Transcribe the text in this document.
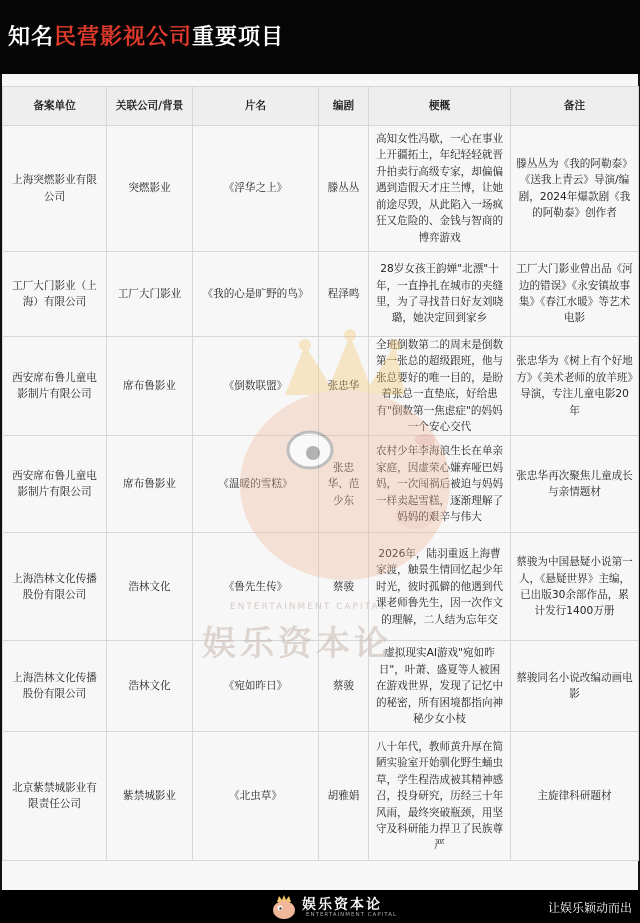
知名民营影视公司重要项目
备案单位	关联公司/背景	片名	编剧	梗概	备注
上海突燃影业有限公司	突燃影业	《浮华之上》	滕丛丛	高知女性冯歇，一心在事业上开疆拓土，年纪轻轻就晋升拍卖行高级专家，却偏偏遇到造假天才庄兰博，让她前途尽毁，从此陷入一场疯狂又危险的、金钱与智商的博弈游戏	滕丛丛为《我的阿勒泰》《送我上青云》导演/编剧，2024年爆款剧《我的阿勒泰》创作者
工厂大门影业（上海）有限公司	工厂大门影业	《我的心是旷野的鸟》	程泽鸣	28岁女孩王韵婵"北漂"十年，一直挣扎在城市的夹缝里，为了寻找昔日好友刘晓璐，她决定回到家乡	工厂大门影业曾出品《河边的错误》《永安镇故事集》《春江水暖》等艺术电影
西安席布鲁儿童电影制片有限公司	席布鲁影业	《倒数联盟》	张忠华	全班倒数第二的周末是倒数第一张总的超级跟班，他与张总要好的唯一目的，是盼着张总一直垫底，好给患有"倒数第一焦虑症"的妈妈一个安心交代	张忠华为《树上有个好地方》《美术老师的放羊班》导演，专注儿童电影20年
西安席布鲁儿童电影制片有限公司	席布鲁影业	《温暖的雪糕》	张忠华、范少东	农村少年李海浪生长在单亲家庭，因虚荣心嫌弃哑巴妈妈，一次闯祸后被迫与妈妈一样卖起雪糕，逐渐理解了妈妈的艰辛与伟大	张忠华再次聚焦儿童成长与亲情题材
上海浩林文化传播股份有限公司	浩林文化	《鲁先生传》	蔡骏	2026年，陆羽重返上海曹家渡，触景生情回忆起少年时光，彼时孤僻的他遇到代课老师鲁先生，因一次作文的理解，二人结为忘年交	蔡骏为中国悬疑小说第一人，《悬疑世界》主编，已出版30余部作品，累计发行1400万册
上海浩林文化传播股份有限公司	浩林文化	《宛如昨日》	蔡骏	虚拟现实AI游戏"宛如昨日"，叶萧、盛夏等人被困在游戏世界，发现了记忆中的秘密，所有困境都指向神秘少女小枝	蔡骏同名小说改编动画电影
北京紫禁城影业有限责任公司	紫禁城影业	《北虫草》	胡雅娟	八十年代，教师黄升厚在简陋实验室开始驯化野生蛹虫草，学生程浩成被其精神感召，投身研究，历经三十年风雨，最终突破瓶颈，用坚守及科研能力捍卫了民族尊严	主旋律科研题材
ENTERTAINMENT CAPITAL
娱乐资本论
娱乐资本论
ENTERTAINMENT CAPITAL	让娱乐颖动而出
